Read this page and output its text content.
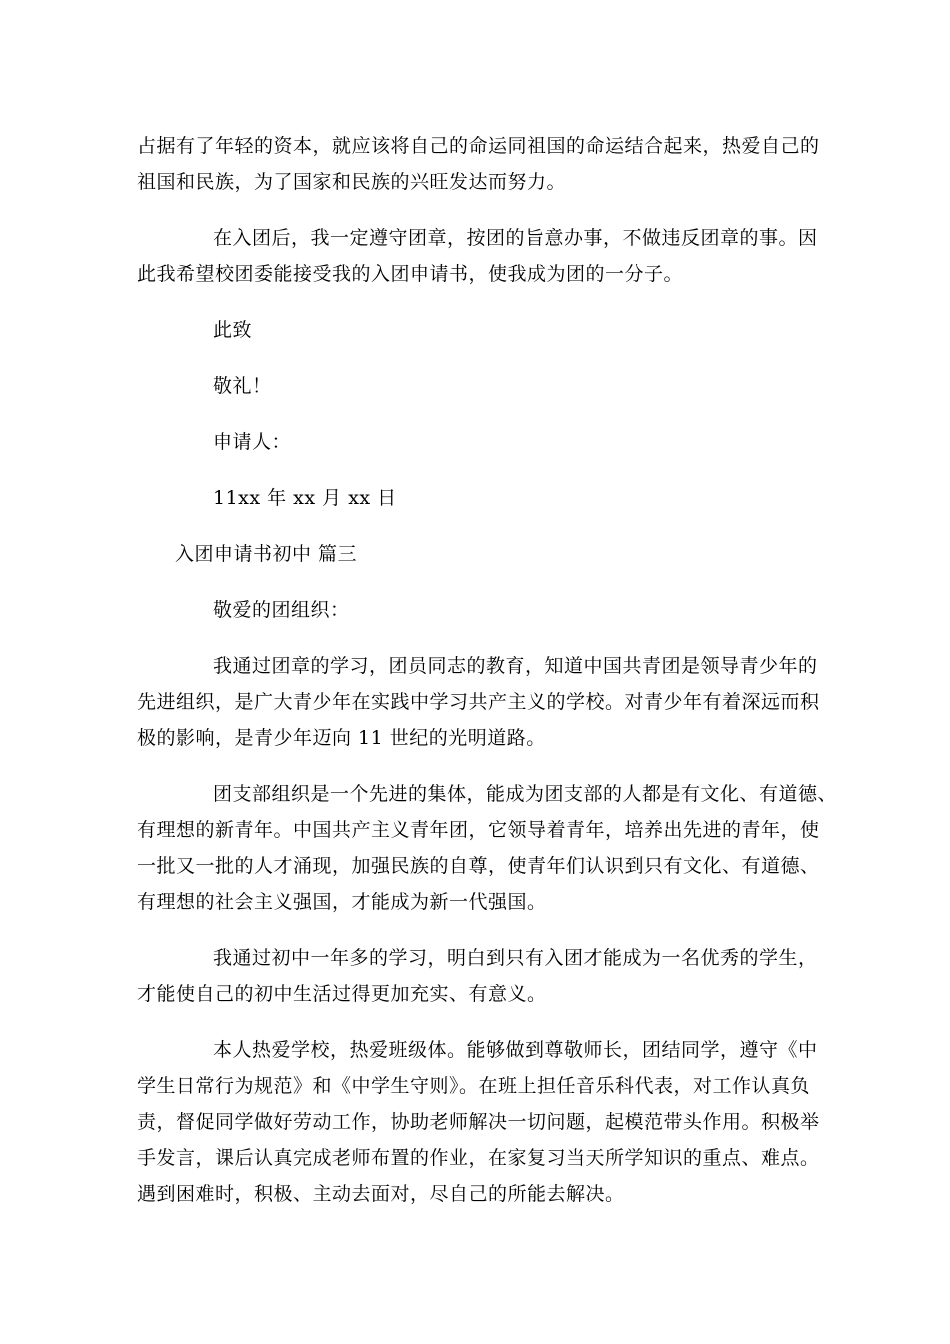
占据有了年轻的资本，就应该将自己的命运同祖国的命运结合起来，热爱自己的
祖国和民族，为了国家和民族的兴旺发达而努力。
在入团后，我一定遵守团章，按团的旨意办事，不做违反团章的事。因
此我希望校团委能接受我的入团申请书，使我成为团的一分子。
此致
敬礼！
申请人：
11xx 年 xx 月 xx 日
入团申请书初中 篇三
敬爱的团组织：
我通过团章的学习，团员同志的教育，知道中国共青团是领导青少年的
先进组织，是广大青少年在实践中学习共产主义的学校。对青少年有着深远而积
极的影响，是青少年迈向 11 世纪的光明道路。
团支部组织是一个先进的集体，能成为团支部的人都是有文化、有道德、
有理想的新青年。中国共产主义青年团，它领导着青年，培养出先进的青年，使
一批又一批的人才涌现，加强民族的自尊，使青年们认识到只有文化、有道德、
有理想的社会主义强国，才能成为新一代强国。
我通过初中一年多的学习，明白到只有入团才能成为一名优秀的学生，
才能使自己的初中生活过得更加充实、有意义。
本人热爱学校，热爱班级体。能够做到尊敬师长，团结同学，遵守《中
学生日常行为规范》和《中学生守则》。在班上担任音乐科代表，对工作认真负
责，督促同学做好劳动工作，协助老师解决一切问题，起模范带头作用。积极举
手发言，课后认真完成老师布置的作业，在家复习当天所学知识的重点、难点。
遇到困难时，积极、主动去面对，尽自己的所能去解决。
